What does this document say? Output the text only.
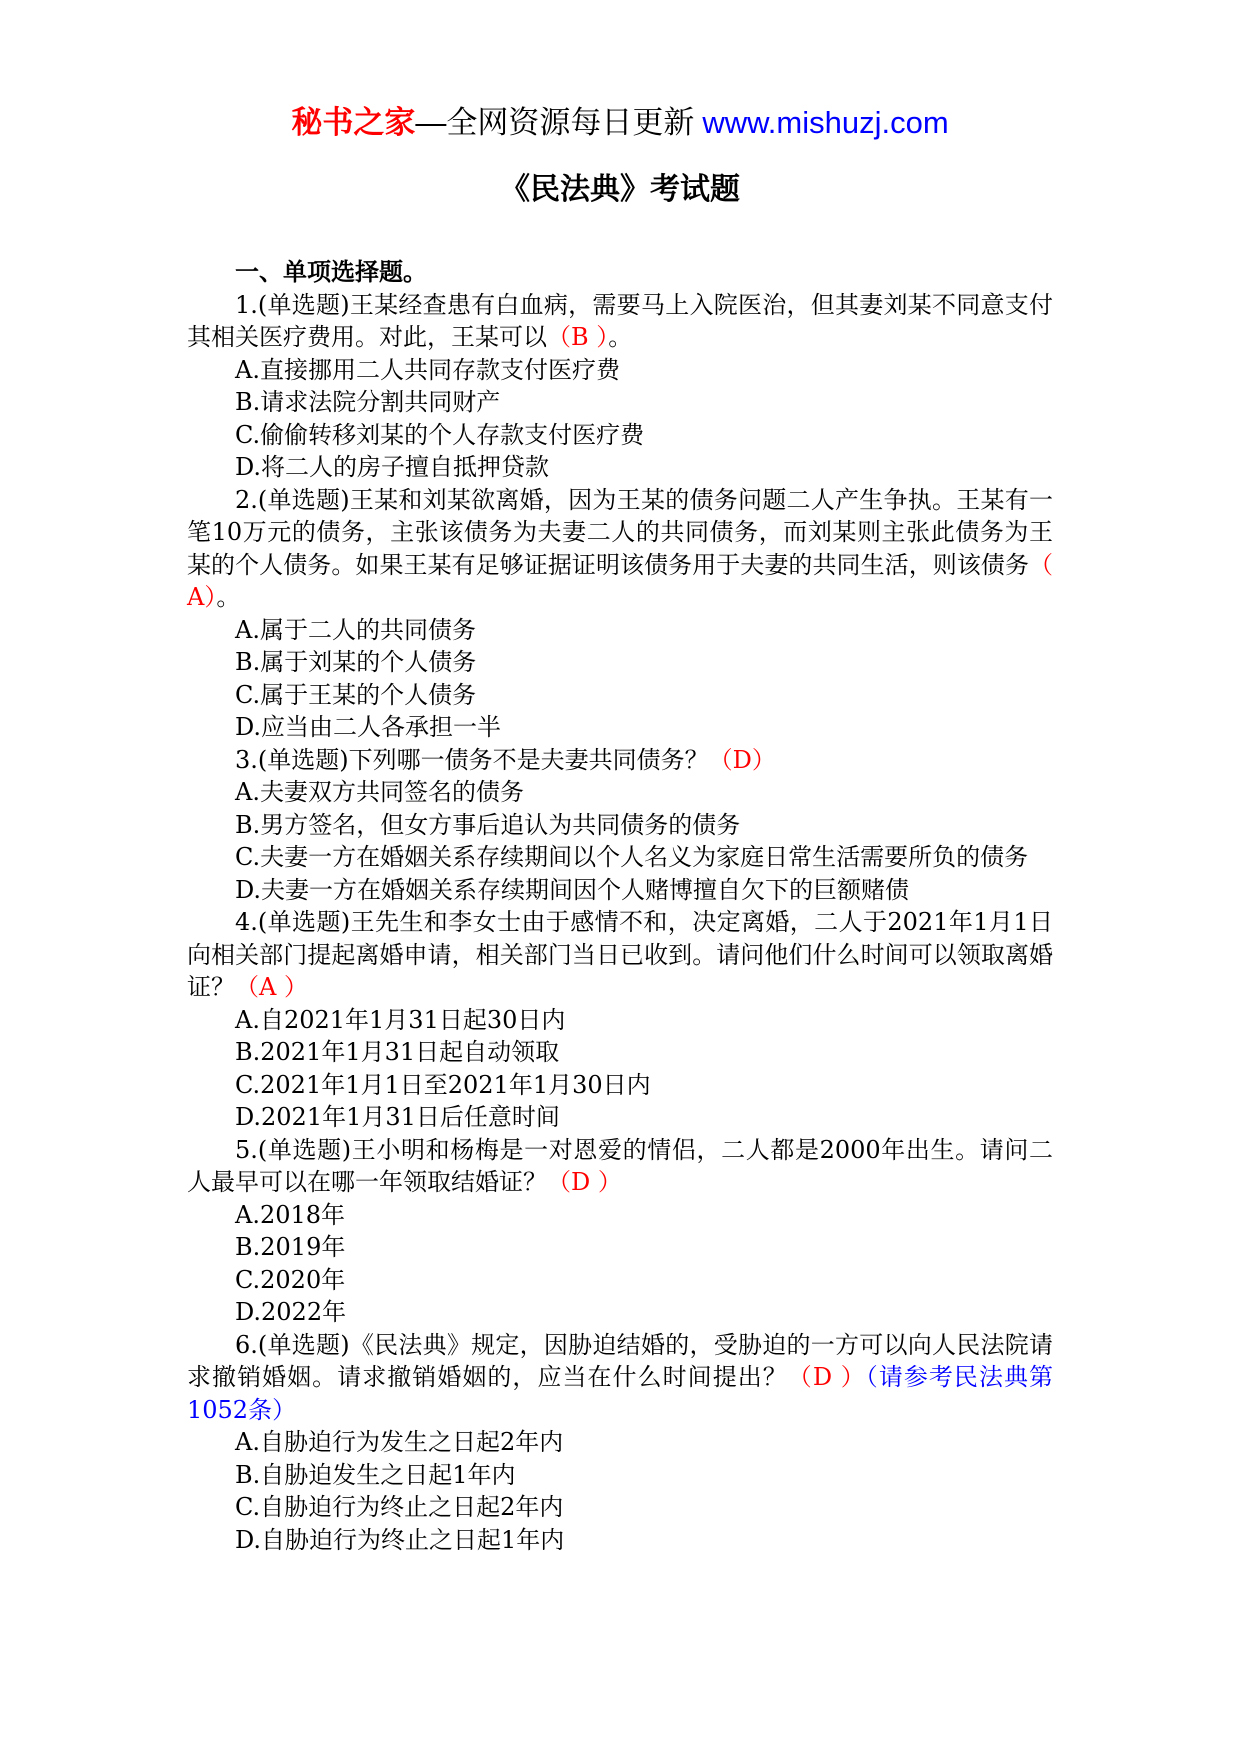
秘书之家—全网资源每日更新 www.mishuzj.com
《民法典》考试题

一、单项选择题。

1.(单选题)王某经查患有白血病，需要马上入院医治，但其妻刘某不同意支付其相关医疗费用。对此，王某可以（B ）。

A.直接挪用二人共同存款支付医疗费

B.请求法院分割共同财产

C.偷偷转移刘某的个人存款支付医疗费

D.将二人的房子擅自抵押贷款

2.(单选题)王某和刘某欲离婚，因为王某的债务问题二人产生争执。王某有一笔10万元的债务，主张该债务为夫妻二人的共同债务，而刘某则主张此债务为王某的个人债务。如果王某有足够证据证明该债务用于夫妻的共同生活，则该债务（ A）。

A.属于二人的共同债务

B.属于刘某的个人债务

C.属于王某的个人债务

D.应当由二人各承担一半

3.(单选题)下列哪一债务不是夫妻共同债务？（D）

A.夫妻双方共同签名的债务

B.男方签名，但女方事后追认为共同债务的债务

C.夫妻一方在婚姻关系存续期间以个人名义为家庭日常生活需要所负的债务

D.夫妻一方在婚姻关系存续期间因个人赌博擅自欠下的巨额赌债

4.(单选题)王先生和李女士由于感情不和，决定离婚，二人于2021年1月1日向相关部门提起离婚申请，相关部门当日已收到。请问他们什么时间可以领取离婚证？（A ）

A.自2021年1月31日起30日内

B.2021年1月31日起自动领取

C.2021年1月1日至2021年1月30日内

D.2021年1月31日后任意时间

5.(单选题)王小明和杨梅是一对恩爱的情侣，二人都是2000年出生。请问二人最早可以在哪一年领取结婚证？（D ）

A.2018年

B.2019年

C.2020年

D.2022年

6.(单选题)《民法典》规定，因胁迫结婚的，受胁迫的一方可以向人民法院请求撤销婚姻。请求撤销婚姻的，应当在什么时间提出？（D ）（请参考民法典第1052条）

A.自胁迫行为发生之日起2年内

B.自胁迫发生之日起1年内

C.自胁迫行为终止之日起2年内

D.自胁迫行为终止之日起1年内
